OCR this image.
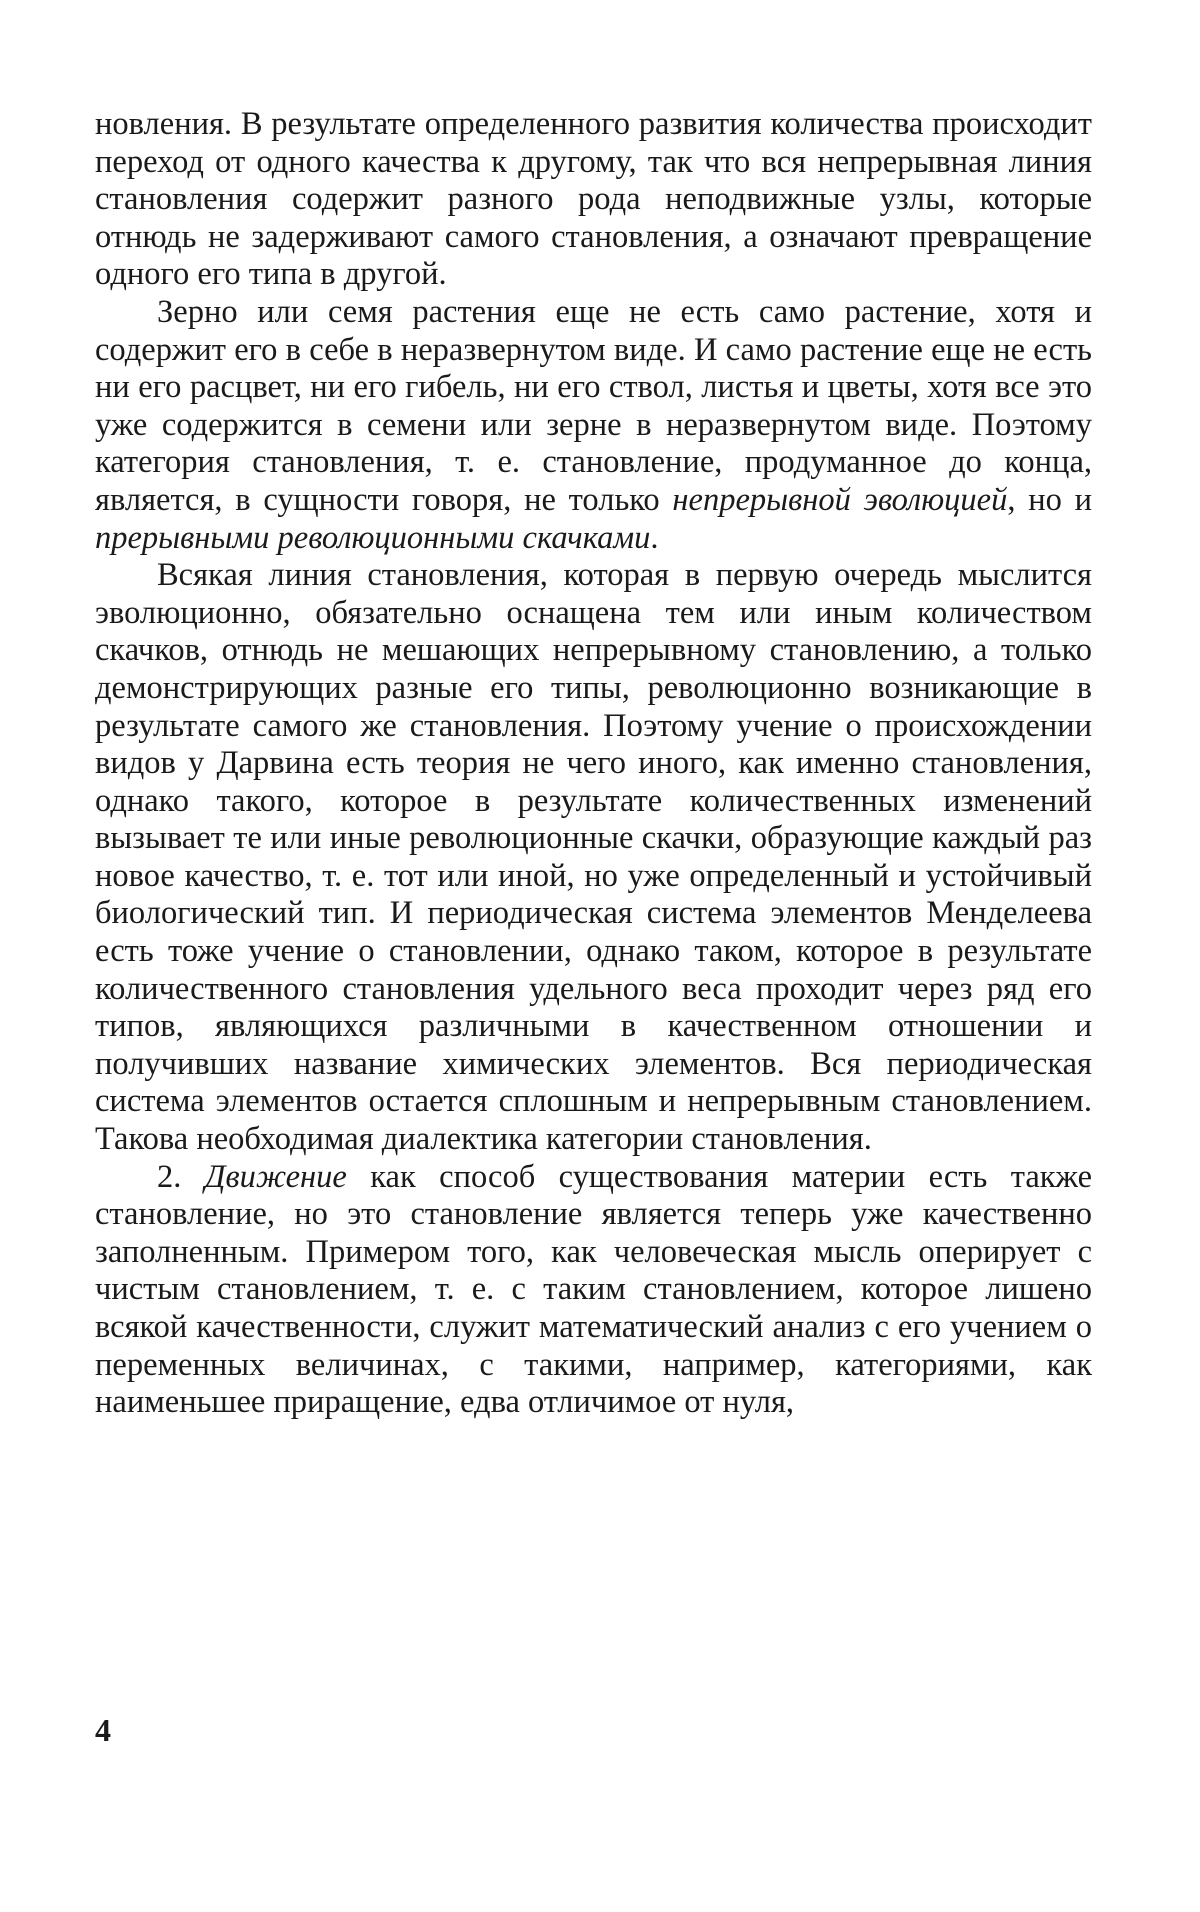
новления. В результате определенного развития количества происходит переход от одного качества к другому, так что вся непрерывная линия становления содержит разного рода неподвижные узлы, которые отнюдь не задерживают самого становления, а означают превращение одного его типа в другой.

Зерно или семя растения еще не есть само растение, хотя и содержит его в себе в неразвернутом виде. И само растение еще не есть ни его расцвет, ни его гибель, ни его ствол, листья и цветы, хотя все это уже содержится в семени или зерне в неразвернутом виде. Поэтому категория становления, т. е. становление, продуманное до конца, является, в сущности говоря, не только непрерывной эволюцией, но и прерывными революционными скачками.

Всякая линия становления, которая в первую очередь мыслится эволюционно, обязательно оснащена тем или иным количеством скачков, отнюдь не мешающих непрерывному становлению, а только демонстрирующих разные его типы, революционно возникающие в результате самого же становления. Поэтому учение о происхождении видов у Дарвина есть теория не чего иного, как именно становления, однако такого, которое в результате количественных изменений вызывает те или иные революционные скачки, образующие каждый раз новое качество, т. е. тот или иной, но уже определенный и устойчивый биологический тип. И периодическая система элементов Менделеева есть тоже учение о становлении, однако таком, которое в результате количественного становления удельного веса проходит через ряд его типов, являющихся различными в качественном отношении и получивших название химических элементов. Вся периодическая система элементов остается сплошным и непрерывным становлением. Такова необходимая диалектика категории становления.

2. Движение как способ существования материи есть также становление, но это становление является теперь уже качественно заполненным. Примером того, как человеческая мысль оперирует с чистым становлением, т. е. с таким становлением, которое лишено всякой качественности, служит математический анализ с его учением о переменных величинах, с такими, например, категориями, как наименьшее приращение, едва отличимое от нуля,

4
